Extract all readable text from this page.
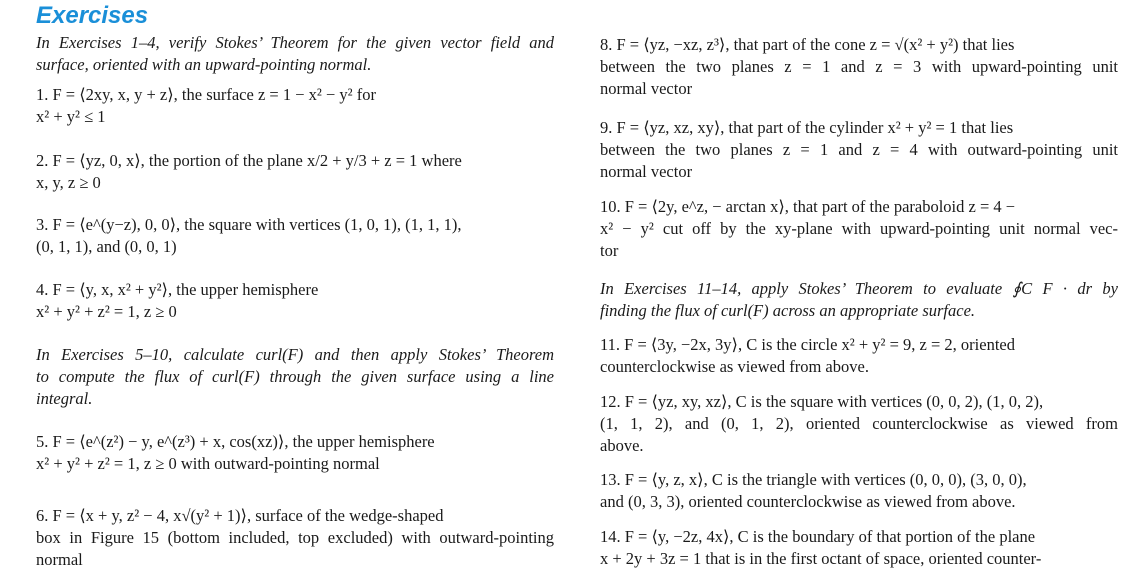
Exercises
In Exercises 1–4, verify Stokes’ Theorem for the given vector field and
surface, oriented with an upward-pointing normal.
1. F = ⟨2xy, x, y + z⟩, the surface z = 1 − x² − y² for
x² + y² ≤ 1
2. F = ⟨yz, 0, x⟩, the portion of the plane x/2 + y/3 + z = 1 where
x, y, z ≥ 0
3. F = ⟨e^(y−z), 0, 0⟩, the square with vertices (1, 0, 1), (1, 1, 1),
(0, 1, 1), and (0, 0, 1)
4. F = ⟨y, x, x² + y²⟩, the upper hemisphere
x² + y² + z² = 1, z ≥ 0
In Exercises 5–10, calculate curl(F) and then apply Stokes’ Theorem
to compute the flux of curl(F) through the given surface using a line
integral.
5. F = ⟨e^(z²) − y, e^(z³) + x, cos(xz)⟩, the upper hemisphere
x² + y² + z² = 1, z ≥ 0 with outward-pointing normal
6. F = ⟨x + y, z² − 4, x√(y² + 1)⟩, surface of the wedge-shaped
box in Figure 15 (bottom included, top excluded) with outward-pointing
normal
8. F = ⟨yz, −xz, z³⟩, that part of the cone z = √(x² + y²) that lies
between the two planes z = 1 and z = 3 with upward-pointing unit
normal vector
9. F = ⟨yz, xz, xy⟩, that part of the cylinder x² + y² = 1 that lies
between the two planes z = 1 and z = 4 with outward-pointing unit
normal vector
10. F = ⟨2y, e^z, − arctan x⟩, that part of the paraboloid z = 4 −
x² − y² cut off by the xy-plane with upward-pointing unit normal vec-
tor
In Exercises 11–14, apply Stokes’ Theorem to evaluate ∮C F · dr by
finding the flux of curl(F) across an appropriate surface.
11. F = ⟨3y, −2x, 3y⟩, C is the circle x² + y² = 9, z = 2, oriented
counterclockwise as viewed from above.
12. F = ⟨yz, xy, xz⟩, C is the square with vertices (0, 0, 2), (1, 0, 2),
(1, 1, 2), and (0, 1, 2), oriented counterclockwise as viewed from
above.
13. F = ⟨y, z, x⟩, C is the triangle with vertices (0, 0, 0), (3, 0, 0),
and (0, 3, 3), oriented counterclockwise as viewed from above.
14. F = ⟨y, −2z, 4x⟩, C is the boundary of that portion of the plane
x + 2y + 3z = 1 that is in the first octant of space, oriented counter-
